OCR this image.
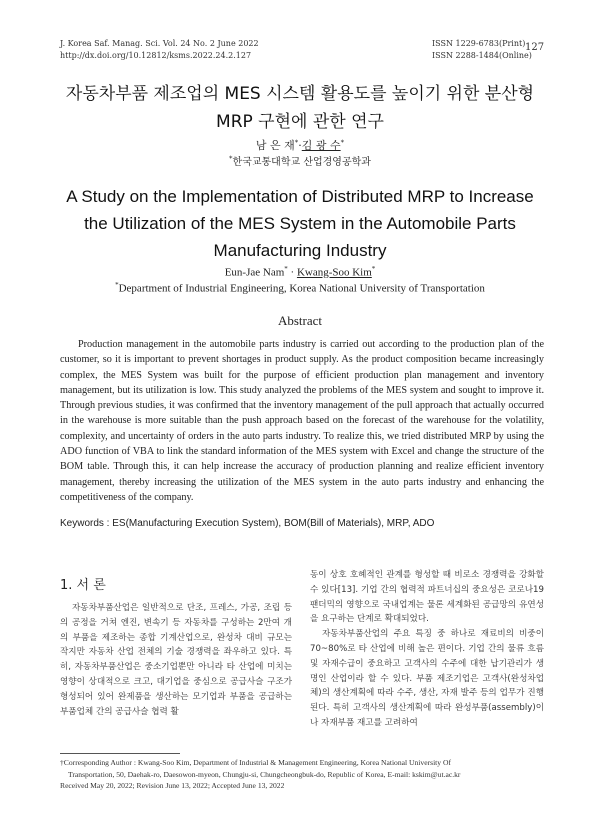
J. Korea Saf. Manag. Sci. Vol. 24 No. 2 June 2022
http://dx.doi.org/10.12812/ksms.2022.24.2.127
ISSN 1229-6783(Print)
ISSN 2288-1484(Online)
127
자동차부품 제조업의 MES 시스템 활용도를 높이기 위한 분산형
MRP 구현에 관한 연구
남 은 재*·김 광 수*
*한국교통대학교 산업경영공학과
A Study on the Implementation of Distributed MRP to Increase
the Utilization of the MES System in the Automobile Parts
Manufacturing Industry
Eun-Jae Nam* · Kwang-Soo Kim*
*Department of Industrial Engineering, Korea National University of Transportation
Abstract
Production management in the automobile parts industry is carried out according to the production plan of the customer, so it is important to prevent shortages in product supply. As the product composition became increasingly complex, the MES System was built for the purpose of efficient production plan management and inventory management, but its utilization is low. This study analyzed the problems of the MES system and sought to improve it. Through previous studies, it was confirmed that the inventory management of the pull approach that actually occurred in the warehouse is more suitable than the push approach based on the forecast of the warehouse for the volatility, complexity, and uncertainty of orders in the auto parts industry. To realize this, we tried distributed MRP by using the ADO function of VBA to link the standard information of the MES system with Excel and change the structure of the BOM table. Through this, it can help increase the accuracy of production planning and realize efficient inventory management, thereby increasing the utilization of the MES system in the auto parts industry and enhancing the competitiveness of the company.
Keywords : ES(Manufacturing Execution System), BOM(Bill of Materials), MRP, ADO
1. 서 론

자동차부품산업은 일반적으로 단조, 프레스, 가공, 조립 등의 공정을 거쳐 엔진, 변속기 등 자동차를 구성하는 2만여 개의 부품을 제조하는 종합 기계산업으로, 완성차 대비 규모는 작지만 자동차 산업 전체의 기술 경쟁력을 좌우하고 있다. 특히, 자동차부품산업은 중소기업뿐만 아니라 타 산업에 미치는 영향이 상대적으로 크고, 대기업을 중심으로 공급사슬 구조가 형성되어 있어 완제품을 생산하는 모기업과 부품을 공급하는 부품업체 간의 공급사슬 협력 활

동이 상호 호혜적인 관계를 형성할 때 비로소 경쟁력을 강화할 수 있다[13]. 기업 간의 협력적 파트너십의 중요성은 코로나19 팬더믹의 영향으로 국내업계는 물론 세계화된 공급망의 유연성을 요구하는 단계로 확대되었다.

자동차부품산업의 주요 특징 중 하나로 재료비의 비중이 70~80%로 타 산업에 비해 높은 편이다. 기업 간의 물류 흐름 및 자재수급이 중요하고 고객사의 수주에 대한 납기관리가 생명인 산업이라 할 수 있다. 부품 제조기업은 고객사(완성차업체)의 생산계획에 따라 수주, 생산, 자재 발주 등의 업무가 진행된다. 특히 고객사의 생산계획에 따라 완성부품(assembly)이나 자재부품 재고를 고려하여

†Corresponding Author : Kwang-Soo Kim, Department of Industrial & Management Engineering, Korea National University Of
Transportation, 50, Daehak-ro, Daesowon-myeon, Chungju-si, Chungcheongbuk-do, Republic of Korea, E-mail: kskim@ut.ac.kr
Received May 20, 2022; Revision June 13, 2022; Accepted June 13, 2022
